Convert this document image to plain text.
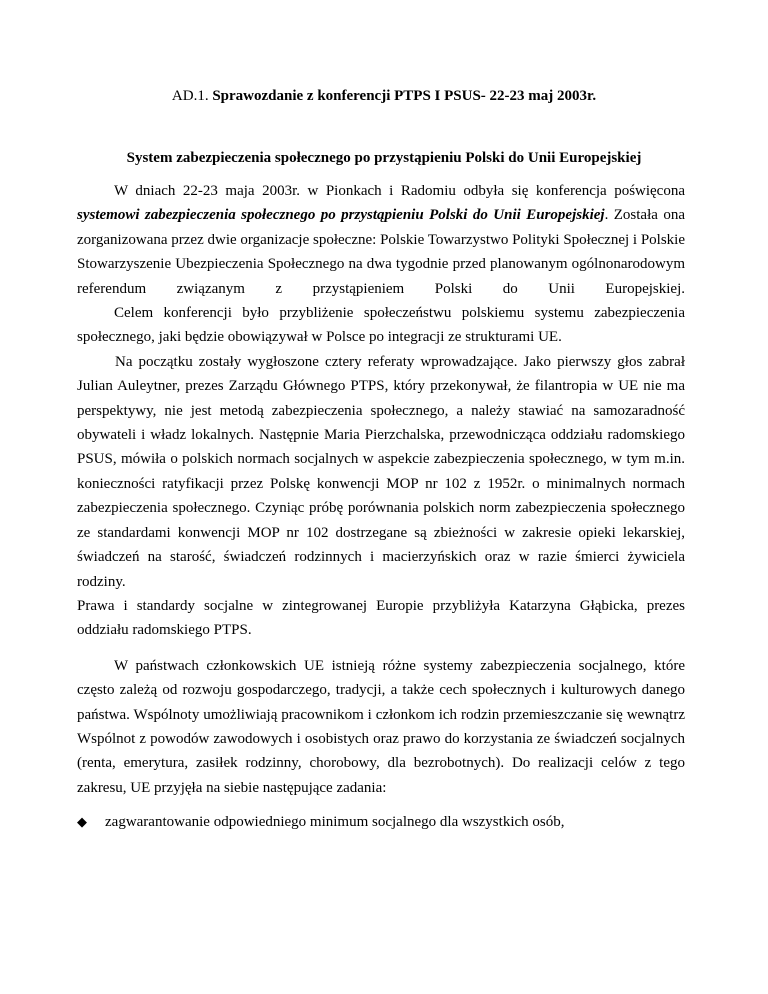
AD.1. Sprawozdanie z konferencji PTPS I PSUS- 22-23 maj 2003r.
System zabezpieczenia społecznego po przystąpieniu Polski do Unii Europejskiej

W dniach 22-23 maja 2003r. w Pionkach i Radomiu odbyła się konferencja poświęcona systemowi zabezpieczenia społecznego po przystąpieniu Polski do Unii Europejskiej. Została ona zorganizowana przez dwie organizacje społeczne: Polskie Towarzystwo Polityki Społecznej i Polskie Stowarzyszenie Ubezpieczenia Społecznego na dwa tygodnie przed planowanym ogólnonarodowym referendum związanym z przystąpieniem Polski do Unii Europejskiej.

Celem konferencji było przybliżenie społeczeństwu polskiemu systemu zabezpieczenia społecznego, jaki będzie obowiązywał w Polsce po integracji ze strukturami UE.

Na początku zostały wygłoszone cztery referaty wprowadzające. Jako pierwszy głos zabrał Julian Auleytner, prezes Zarządu Głównego PTPS, który przekonywał, że filantropia w UE nie ma perspektywy, nie jest metodą zabezpieczenia społecznego, a należy stawiać na samozaradność obywateli i władz lokalnych. Następnie Maria Pierzchalska, przewodnicząca oddziału radomskiego PSUS, mówiła o polskich normach socjalnych w aspekcie zabezpieczenia społecznego, w tym m.in. konieczności ratyfikacji przez Polskę konwencji MOP nr 102 z 1952r. o minimalnych normach zabezpieczenia społecznego. Czyniąc próbę porównania polskich norm zabezpieczenia społecznego ze standardami konwencji MOP nr 102 dostrzegane są zbieżności w zakresie opieki lekarskiej, świadczeń na starość, świadczeń rodzinnych i macierzyńskich oraz w razie śmierci żywiciela rodziny.

Prawa i standardy socjalne w zintegrowanej Europie przybliżyła Katarzyna Głąbicka, prezes oddziału radomskiego PTPS.

W państwach członkowskich UE istnieją różne systemy zabezpieczenia socjalnego, które często zależą od rozwoju gospodarczego, tradycji, a także cech społecznych i kulturowych danego państwa. Wspólnoty umożliwiają pracownikom i członkom ich rodzin przemieszczanie się wewnątrz Wspólnot z powodów zawodowych i osobistych oraz prawo do korzystania ze świadczeń socjalnych (renta, emerytura, zasiłek rodzinny, chorobowy, dla bezrobotnych). Do realizacji celów z tego zakresu, UE przyjęła na siebie następujące zadania:

◆ zagwarantowanie odpowiedniego minimum socjalnego dla wszystkich osób,
